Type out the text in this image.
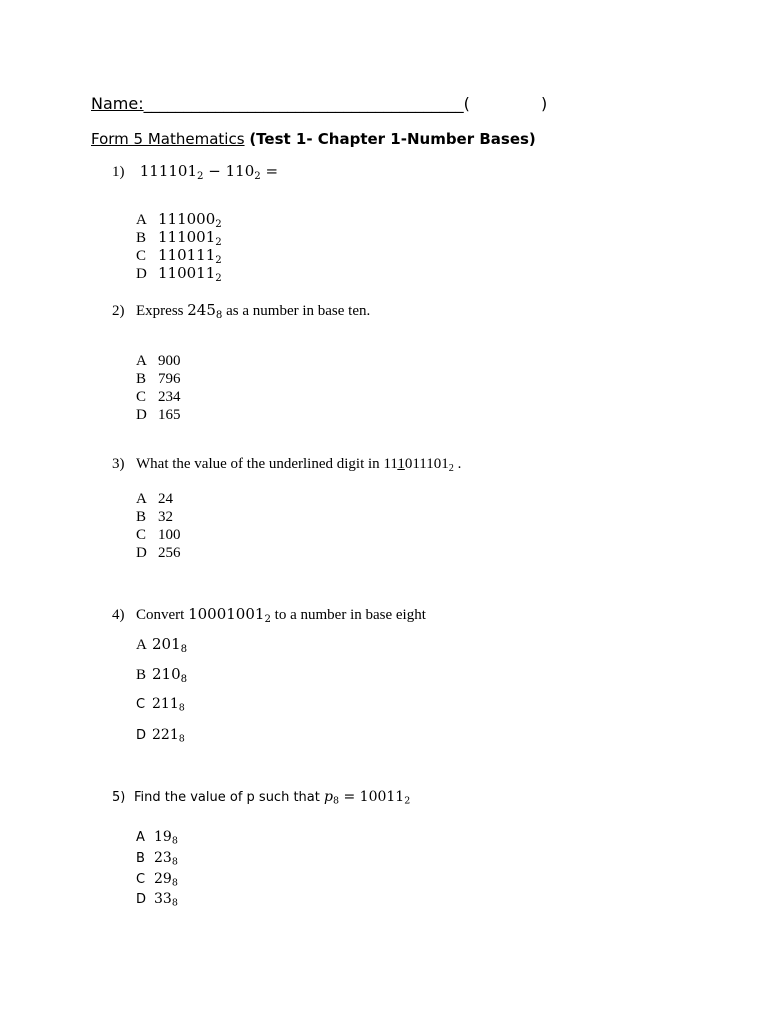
Name:________________________________________(	)
Form 5 Mathematics (Test 1- Chapter 1-Number Bases)
1) $111101_2 - 110_2$ =
A $111000_2$
B $111001_2$
C $110111_2$
D $110011_2$
2) Express $245_8$ as a number in base ten.
A 900
B 796
C 234
D 165
3) What the value of the underlined digit in $111011101_2$ .
A 24
B 32
C 100
D 256
4) Convert $10001001_2$ to a number in base eight
A $201_8$
B $210_8$
C $211_8$
D $221_8$
5) Find the value of p such that $p_8 = 10011_2$
A $19_8$
B $23_8$
C $29_8$
D $33_8$
